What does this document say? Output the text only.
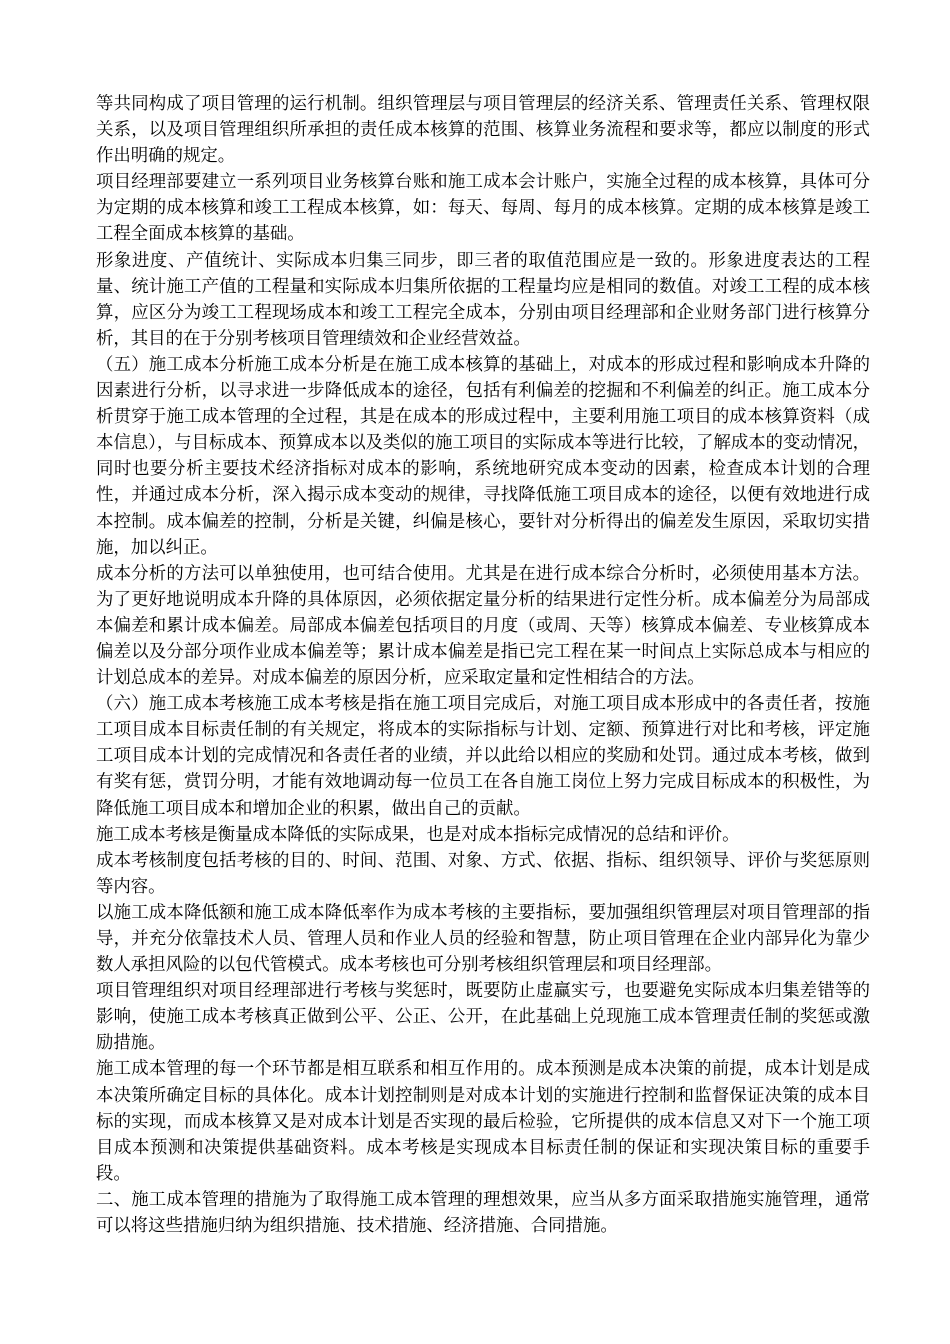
等共同构成了项目管理的运行机制。组织管理层与项目管理层的经济关系、管理责任关系、管理权限关系，以及项目管理组织所承担的责任成本核算的范围、核算业务流程和要求等，都应以制度的形式作出明确的规定。

项目经理部要建立一系列项目业务核算台账和施工成本会计账户，实施全过程的成本核算，具体可分为定期的成本核算和竣工工程成本核算，如：每天、每周、每月的成本核算。定期的成本核算是竣工工程全面成本核算的基础。

形象进度、产值统计、实际成本归集三同步，即三者的取值范围应是一致的。形象进度表达的工程量、统计施工产值的工程量和实际成本归集所依据的工程量均应是相同的数值。对竣工工程的成本核算，应区分为竣工工程现场成本和竣工工程完全成本，分别由项目经理部和企业财务部门进行核算分析，其目的在于分别考核项目管理绩效和企业经营效益。

（五）施工成本分析施工成本分析是在施工成本核算的基础上，对成本的形成过程和影响成本升降的因素进行分析，以寻求进一步降低成本的途径，包括有利偏差的挖掘和不利偏差的纠正。施工成本分析贯穿于施工成本管理的全过程，其是在成本的形成过程中，主要利用施工项目的成本核算资料（成本信息），与目标成本、预算成本以及类似的施工项目的实际成本等进行比较，了解成本的变动情况，同时也要分析主要技术经济指标对成本的影响，系统地研究成本变动的因素，检查成本计划的合理性，并通过成本分析，深入揭示成本变动的规律，寻找降低施工项目成本的途径，以便有效地进行成本控制。成本偏差的控制，分析是关键，纠偏是核心，要针对分析得出的偏差发生原因，采取切实措施，加以纠正。

成本分析的方法可以单独使用，也可结合使用。尤其是在进行成本综合分析时，必须使用基本方法。为了更好地说明成本升降的具体原因，必须依据定量分析的结果进行定性分析。成本偏差分为局部成本偏差和累计成本偏差。局部成本偏差包括项目的月度（或周、天等）核算成本偏差、专业核算成本偏差以及分部分项作业成本偏差等；累计成本偏差是指已完工程在某一时间点上实际总成本与相应的计划总成本的差异。对成本偏差的原因分析，应采取定量和定性相结合的方法。

（六）施工成本考核施工成本考核是指在施工项目完成后，对施工项目成本形成中的各责任者，按施工项目成本目标责任制的有关规定，将成本的实际指标与计划、定额、预算进行对比和考核，评定施工项目成本计划的完成情况和各责任者的业绩，并以此给以相应的奖励和处罚。通过成本考核，做到有奖有惩，赏罚分明，才能有效地调动每一位员工在各自施工岗位上努力完成目标成本的积极性，为降低施工项目成本和增加企业的积累，做出自己的贡献。

施工成本考核是衡量成本降低的实际成果，也是对成本指标完成情况的总结和评价。

成本考核制度包括考核的目的、时间、范围、对象、方式、依据、指标、组织领导、评价与奖惩原则等内容。

以施工成本降低额和施工成本降低率作为成本考核的主要指标，要加强组织管理层对项目管理部的指导，并充分依靠技术人员、管理人员和作业人员的经验和智慧，防止项目管理在企业内部异化为靠少数人承担风险的以包代管模式。成本考核也可分别考核组织管理层和项目经理部。

项目管理组织对项目经理部进行考核与奖惩时，既要防止虚赢实亏，也要避免实际成本归集差错等的影响，使施工成本考核真正做到公平、公正、公开，在此基础上兑现施工成本管理责任制的奖惩或激励措施。

施工成本管理的每一个环节都是相互联系和相互作用的。成本预测是成本决策的前提，成本计划是成本决策所确定目标的具体化。成本计划控制则是对成本计划的实施进行控制和监督保证决策的成本目标的实现，而成本核算又是对成本计划是否实现的最后检验，它所提供的成本信息又对下一个施工项目成本预测和决策提供基础资料。成本考核是实现成本目标责任制的保证和实现决策目标的重要手段。

二、施工成本管理的措施为了取得施工成本管理的理想效果，应当从多方面采取措施实施管理，通常可以将这些措施归纳为组织措施、技术措施、经济措施、合同措施。
